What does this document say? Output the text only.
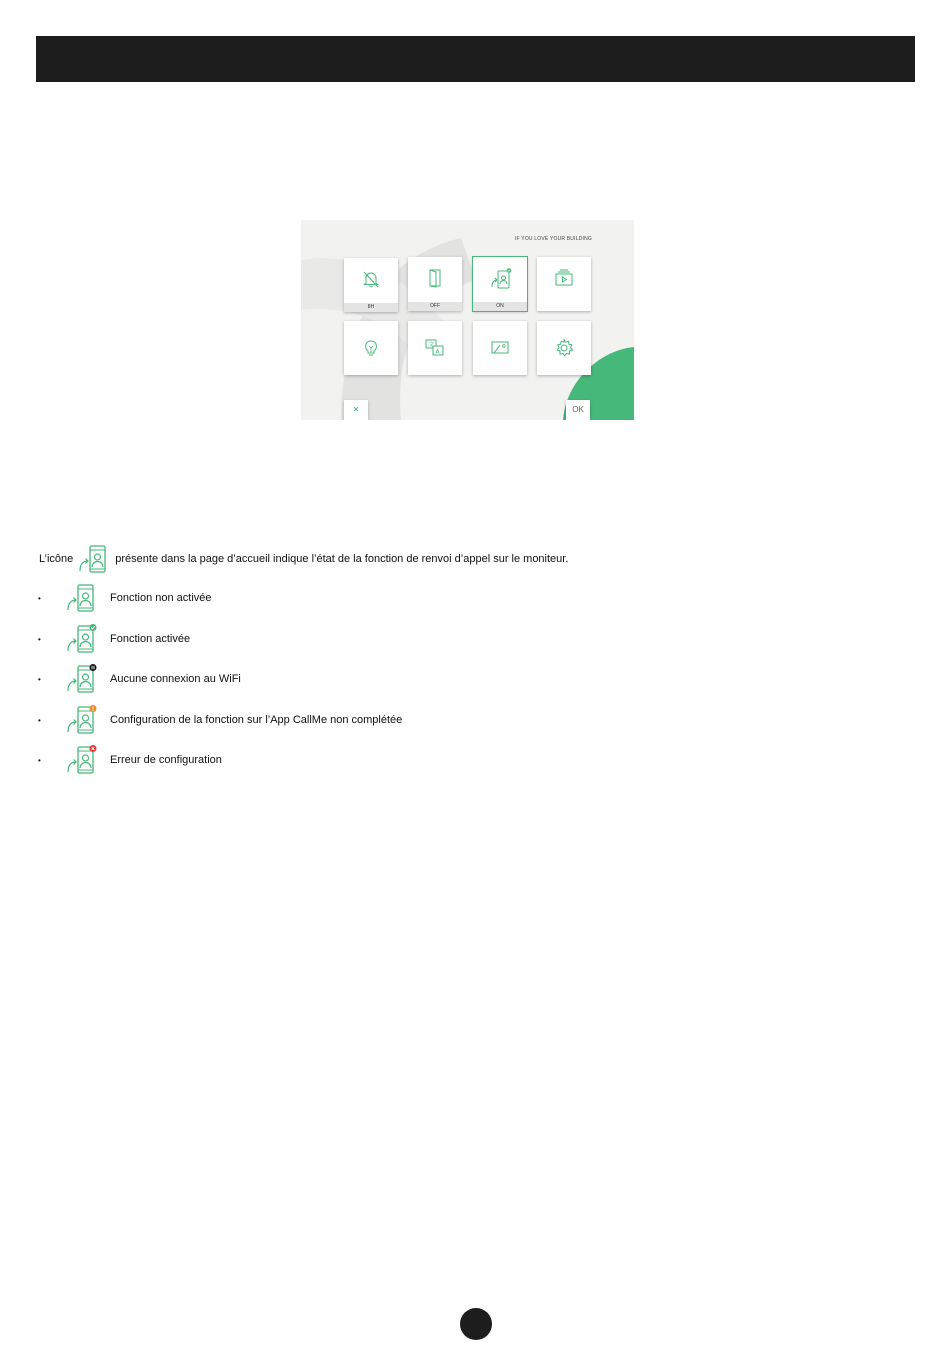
IF YOU LOVE YOUR BUILDING
8H	OFF	ON
文
A
✕	OK
L’icône	présente dans la page d’accueil indique l’état de la fonction de renvoi d’appel sur le moniteur.
•	Fonction non activée
•	Fonction activée
•	Aucune connexion au WiFi
•	Configuration de la fonction sur l’App CallMe non complétée
•	Erreur de configuration
